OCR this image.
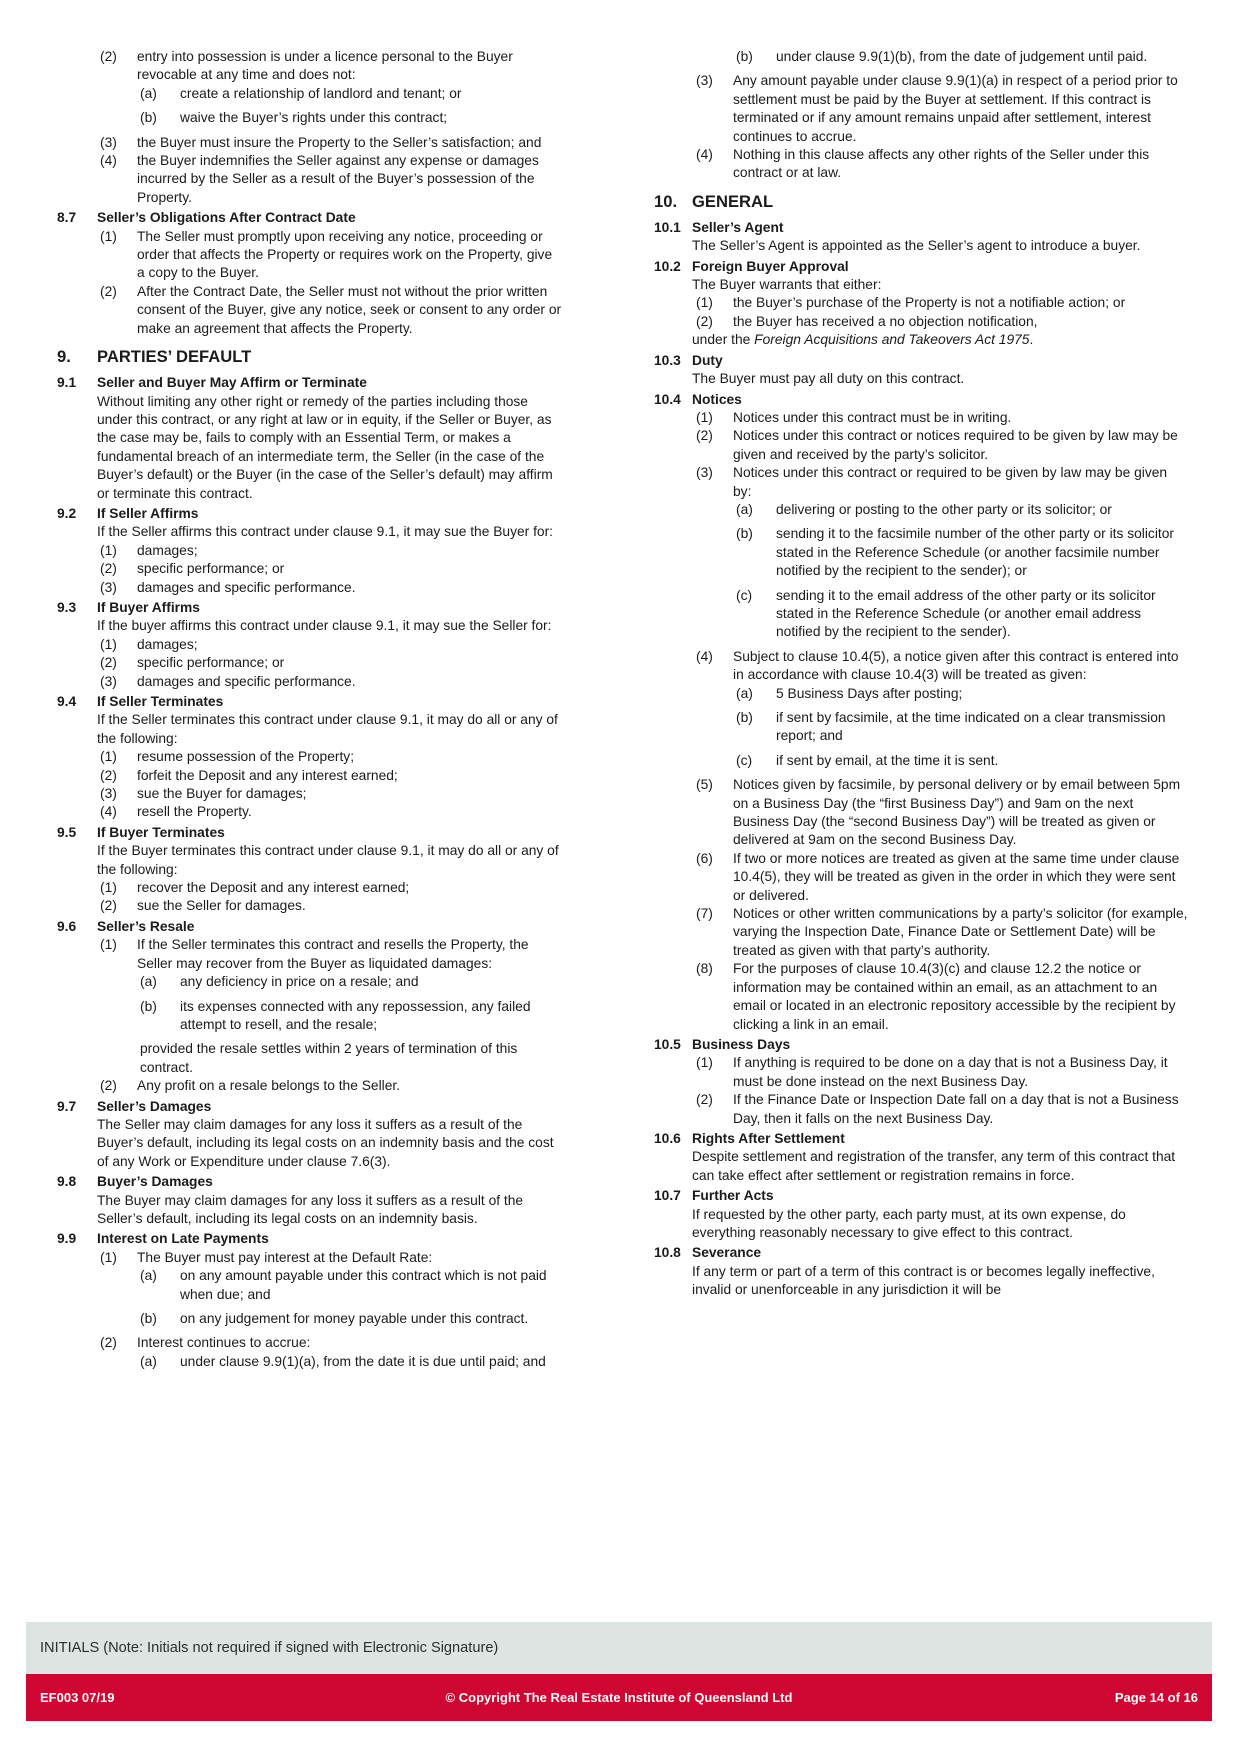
(2)	entry into possession is under a licence personal to the Buyer revocable at any time and does not:
(a)	create a relationship of landlord and tenant; or
(b)	waive the Buyer’s rights under this contract;
(3)	the Buyer must insure the Property to the Seller’s satisfaction; and
(4)	the Buyer indemnifies the Seller against any expense or damages incurred by the Seller as a result of the Buyer’s possession of the Property.
8.7	Seller’s Obligations After Contract Date
(1)	The Seller must promptly upon receiving any notice, proceeding or order that affects the Property or requires work on the Property, give a copy to the Buyer.
(2)	After the Contract Date, the Seller must not without the prior written consent of the Buyer, give any notice, seek or consent to any order or make an agreement that affects the Property.
9.	PARTIES’ DEFAULT
9.1	Seller and Buyer May Affirm or Terminate
Without limiting any other right or remedy of the parties including those under this contract, or any right at law or in equity, if the Seller or Buyer, as the case may be, fails to comply with an Essential Term, or makes a fundamental breach of an intermediate term, the Seller (in the case of the Buyer’s default) or the Buyer (in the case of the Seller’s default) may affirm or terminate this contract.
9.2	If Seller Affirms
If the Seller affirms this contract under clause 9.1, it may sue the Buyer for:
(1)	damages;
(2)	specific performance; or
(3)	damages and specific performance.
9.3	If Buyer Affirms
If the buyer affirms this contract under clause 9.1, it may sue the Seller for:
(1)	damages;
(2)	specific performance; or
(3)	damages and specific performance.
9.4	If Seller Terminates
If the Seller terminates this contract under clause 9.1, it may do all or any of the following:
(1)	resume possession of the Property;
(2)	forfeit the Deposit and any interest earned;
(3)	sue the Buyer for damages;
(4)	resell the Property.
9.5	If Buyer Terminates
If the Buyer terminates this contract under clause 9.1, it may do all or any of the following:
(1)	recover the Deposit and any interest earned;
(2)	sue the Seller for damages.
9.6	Seller’s Resale
(1)	If the Seller terminates this contract and resells the Property, the Seller may recover from the Buyer as liquidated damages:
(a)	any deficiency in price on a resale; and
(b)	its expenses connected with any repossession, any failed attempt to resell, and the resale;
provided the resale settles within 2 years of termination of this contract.
(2)	Any profit on a resale belongs to the Seller.
9.7	Seller’s Damages
The Seller may claim damages for any loss it suffers as a result of the Buyer’s default, including its legal costs on an indemnity basis and the cost of any Work or Expenditure under clause 7.6(3).
9.8	Buyer’s Damages
The Buyer may claim damages for any loss it suffers as a result of the Seller’s default, including its legal costs on an indemnity basis.
9.9	Interest on Late Payments
(1)	The Buyer must pay interest at the Default Rate:
(a)	on any amount payable under this contract which is not paid when due; and
(b)	on any judgement for money payable under this contract.
(2)	Interest continues to accrue:
(a)	under clause 9.9(1)(a), from the date it is due until paid; and
(b)	under clause 9.9(1)(b), from the date of judgement until paid.
(3)	Any amount payable under clause 9.9(1)(a) in respect of a period prior to settlement must be paid by the Buyer at settlement. If this contract is terminated or if any amount remains unpaid after settlement, interest continues to accrue.
(4)	Nothing in this clause affects any other rights of the Seller under this contract or at law.
10. GENERAL
10.1 Seller’s Agent
The Seller’s Agent is appointed as the Seller’s agent to introduce a buyer.
10.2 Foreign Buyer Approval
The Buyer warrants that either:
(1)	the Buyer’s purchase of the Property is not a notifiable action; or
(2)	the Buyer has received a no objection notification,
under the Foreign Acquisitions and Takeovers Act 1975.
10.3 Duty
The Buyer must pay all duty on this contract.
10.4 Notices
(1)	Notices under this contract must be in writing.
(2)	Notices under this contract or notices required to be given by law may be given and received by the party’s solicitor.
(3)	Notices under this contract or required to be given by law may be given by:
(a)	delivering or posting to the other party or its solicitor; or
(b)	sending it to the facsimile number of the other party or its solicitor stated in the Reference Schedule (or another facsimile number notified by the recipient to the sender); or
(c)	sending it to the email address of the other party or its solicitor stated in the Reference Schedule (or another email address notified by the recipient to the sender).
(4)	Subject to clause 10.4(5), a notice given after this contract is entered into in accordance with clause 10.4(3) will be treated as given:
(a)	5 Business Days after posting;
(b)	if sent by facsimile, at the time indicated on a clear transmission report; and
(c)	if sent by email, at the time it is sent.
(5)	Notices given by facsimile, by personal delivery or by email between 5pm on a Business Day (the “first Business Day”) and 9am on the next Business Day (the “second Business Day”) will be treated as given or delivered at 9am on the second Business Day.
(6)	If two or more notices are treated as given at the same time under clause 10.4(5), they will be treated as given in the order in which they were sent or delivered.
(7)	Notices or other written communications by a party’s solicitor (for example, varying the Inspection Date, Finance Date or Settlement Date) will be treated as given with that party’s authority.
(8)	For the purposes of clause 10.4(3)(c) and clause 12.2 the notice or information may be contained within an email, as an attachment to an email or located in an electronic repository accessible by the recipient by clicking a link in an email.
10.5 Business Days
(1)	If anything is required to be done on a day that is not a Business Day, it must be done instead on the next Business Day.
(2)	If the Finance Date or Inspection Date fall on a day that is not a Business Day, then it falls on the next Business Day.
10.6 Rights After Settlement
Despite settlement and registration of the transfer, any term of this contract that can take effect after settlement or registration remains in force.
10.7 Further Acts
If requested by the other party, each party must, at its own expense, do everything reasonably necessary to give effect to this contract.
10.8 Severance
If any term or part of a term of this contract is or becomes legally ineffective, invalid or unenforceable in any jurisdiction it will be
INITIALS (Note: Initials not required if signed with Electronic Signature)
EF003 07/19	© Copyright The Real Estate Institute of Queensland Ltd	Page 14 of 16
